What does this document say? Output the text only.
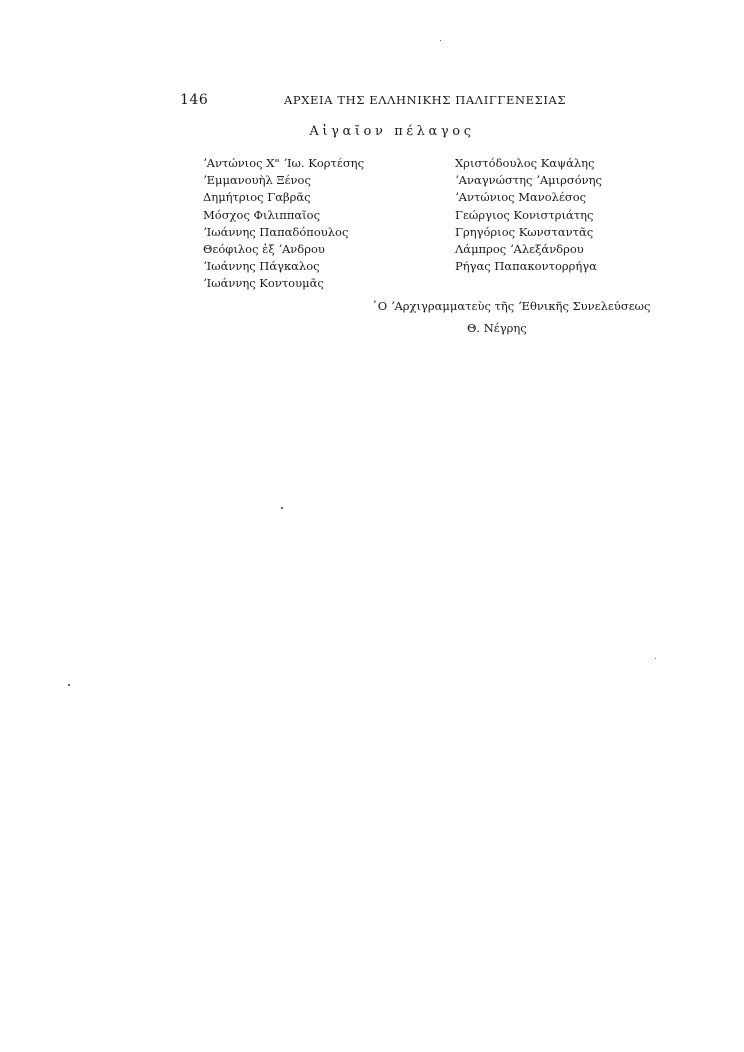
146	ΑΡΧΕΙΑ ΤΗΣ ΕΛΛΗΝΙΚΗΣ ΠΑΛΙΓΓΕΝΕΣΙΑΣ
Αἰγαῖον πέλαγος
ʼΑντώνιος Χ" ʼΙω. Κορτέσης
ʼΕμμανουὴλ Ξένος
Δημήτριος Γαβρᾶς
Μόσχος Φιλιππαῖος
ʼΙωάννης Παπαδόπουλος
Θεόφιλος ἐξ ʼΑνδρου
ʼΙωάννης Πάγκαλος
ʼΙωάννης Κοντουμᾶς
Χριστόδουλος Καψάλης
ʼΑναγνώστης ʼΑμιρσόνης
ʼΑντώνιος Μανολέσος
Γεώργιος Κονιστριάτης
Γρηγόριος Κωνσταντᾶς
Λάμπρος ʼΑλεξάνδρου
Ρήγας Παπακοντορρήγα
῾Ο ʼΑρχιγραμματεὺς τῆς ʼΕθνικῆς Συνελεύσεως
Θ. Νέγρης
